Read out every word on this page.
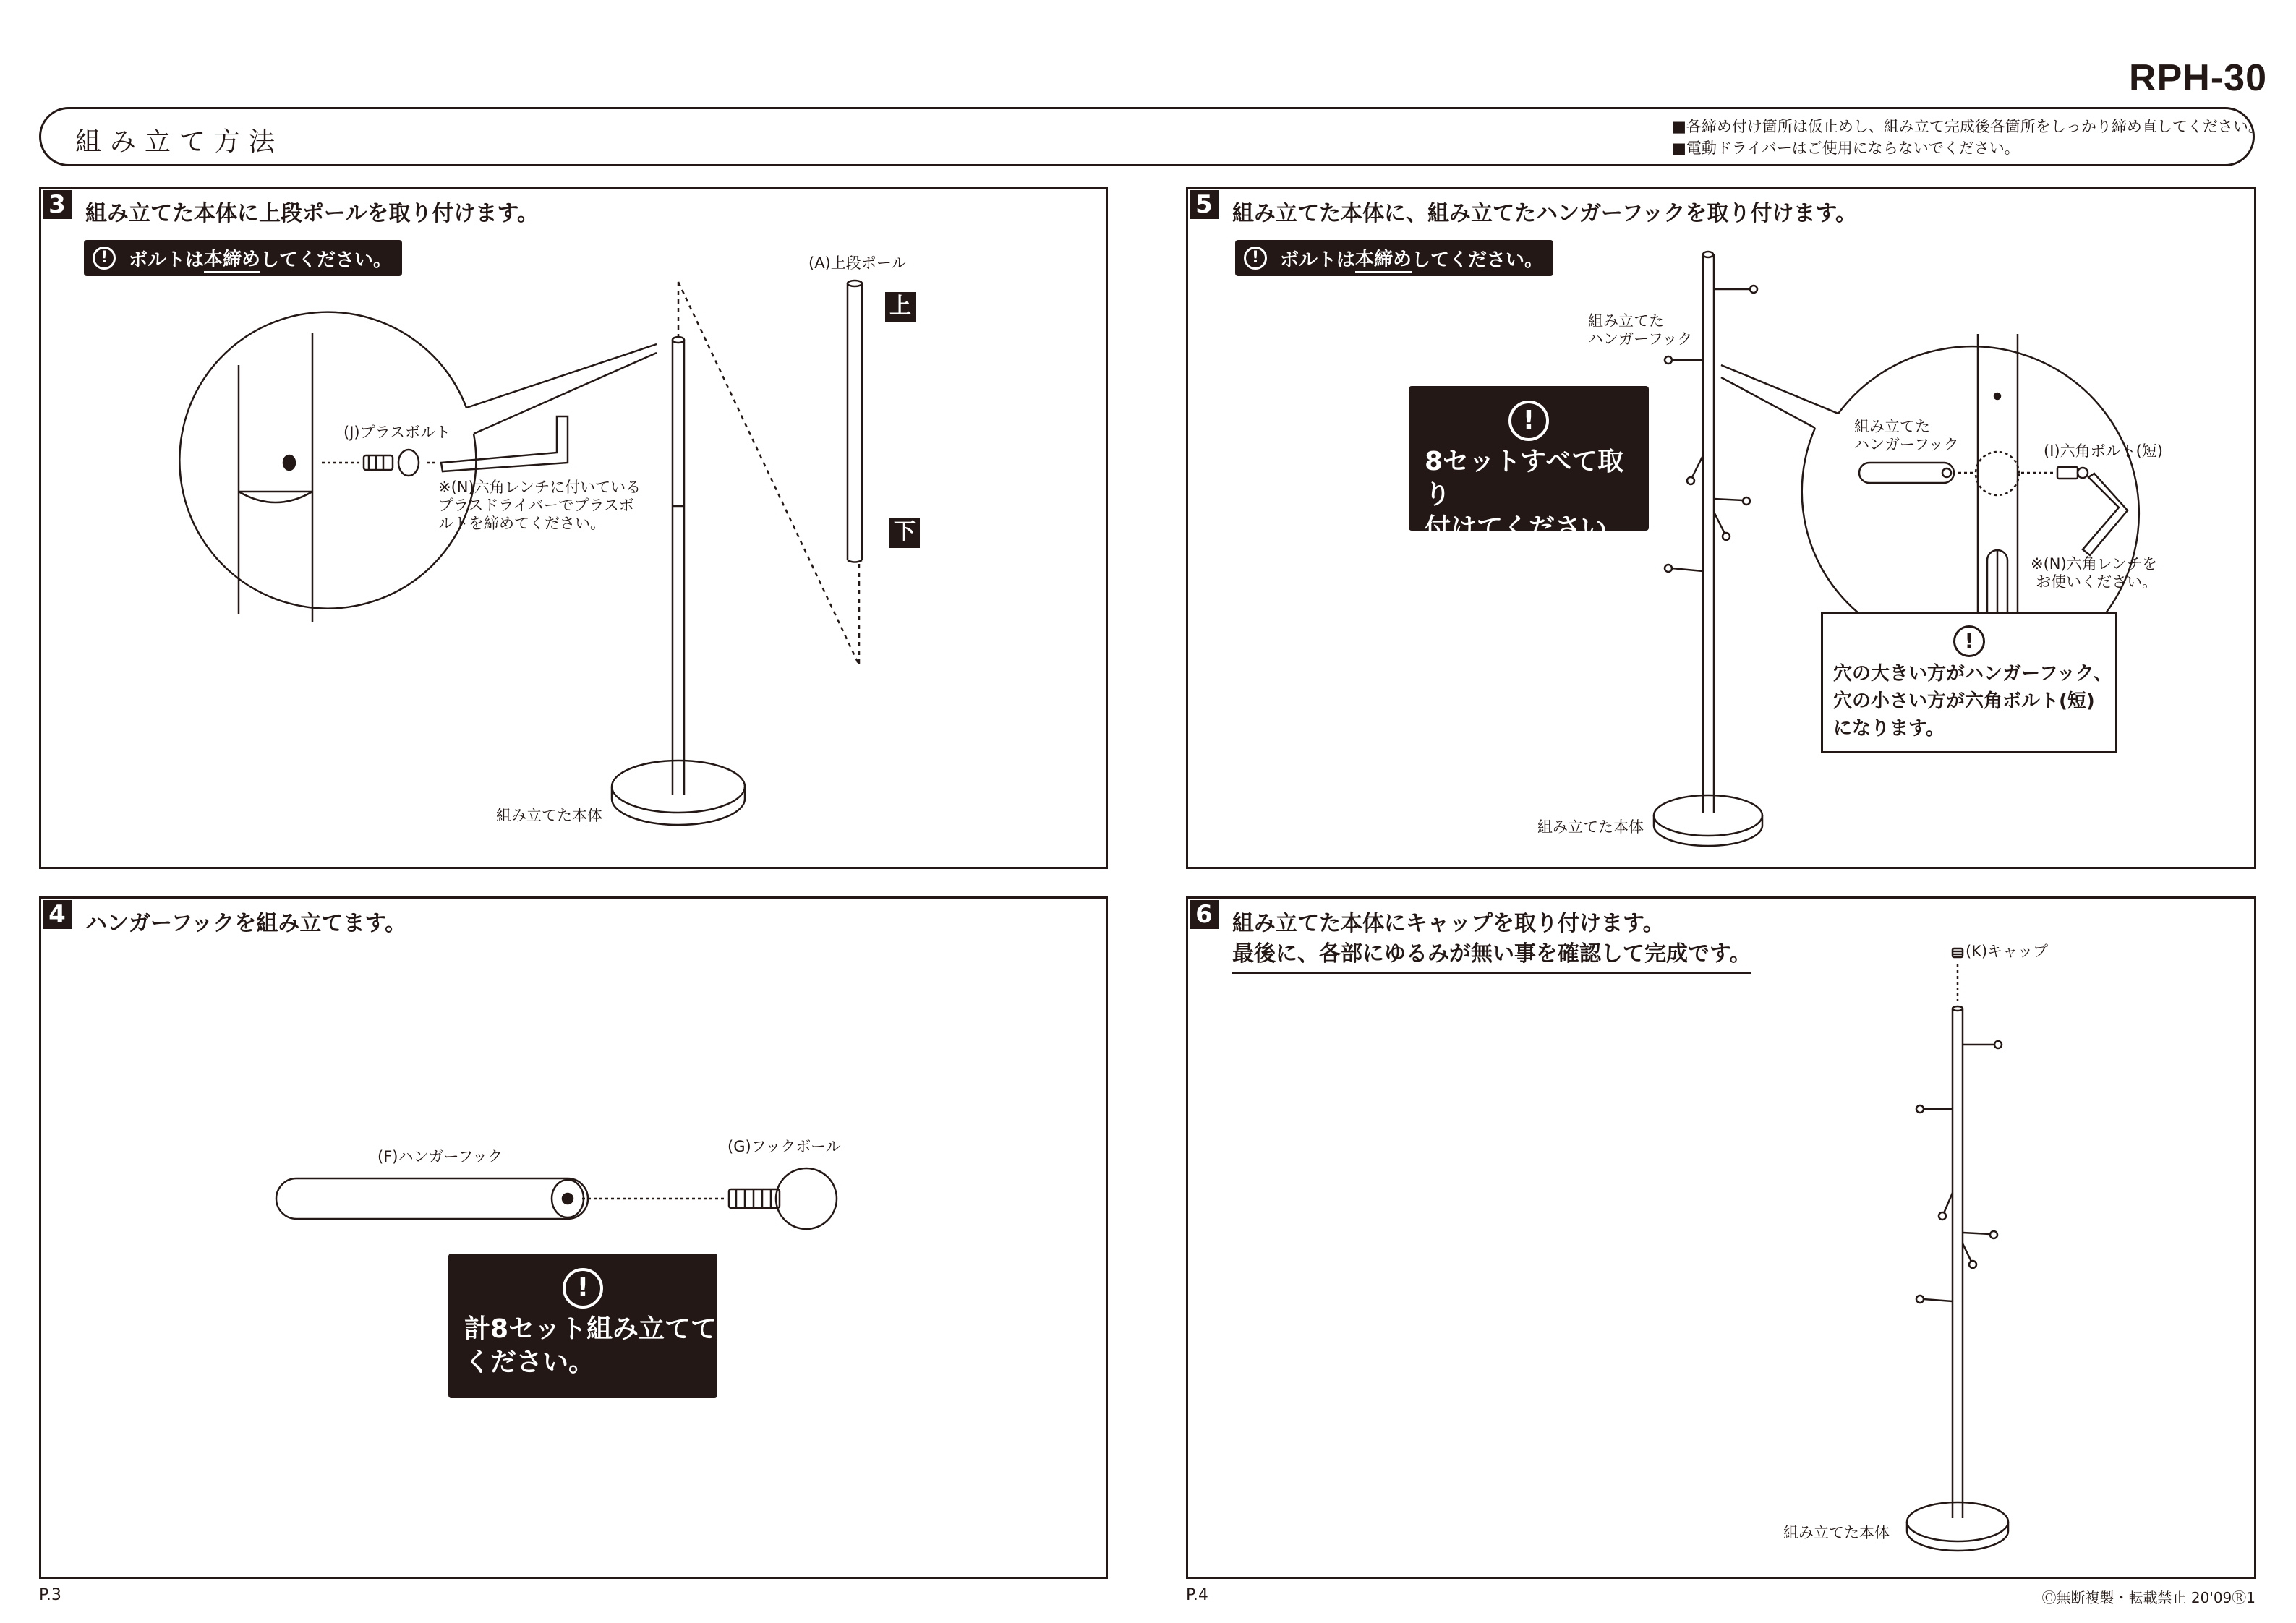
RPH-30
組み立て方法
■各締め付け箇所は仮止めし、組み立て完成後各箇所をしっかり締め直してください。
■電動ドライバーはご使用にならないでください。
3 組み立てた本体に上段ポールを取り付けます。
!	ボルトは 本締め してください。	(A)上段ポール
上
下
(J)プラスボルト
※(N)六角レンチに付いている
プラスドライバーでプラスボ
ルトを締めてください。
組み立てた本体
5 組み立てた本体に、組み立てたハンガーフックを取り付けます。
!	ボルトは 本締め してください。
組み立てた
ハンガーフック
!
8セットすべて取り
付けてください。
組み立てた
ハンガーフック	(I)六角ボルト(短)
※(N)六角レンチを
お使いください。
!
穴の大きい方がハンガーフック、
穴の小さい方が六角ボルト(短)
になります。
組み立てた本体
4 ハンガーフックを組み立てます。
(F)ハンガーフック
(G)フックボール
!
計8セット組み立てて
ください。
6 組み立てた本体にキャップを取り付けます。
最後に、各部にゆるみが無い事を確認して完成です。	(K)キャップ
組み立てた本体
P.3	P.4	Ⓒ無断複製・転載禁止 20'09Ⓡ1
